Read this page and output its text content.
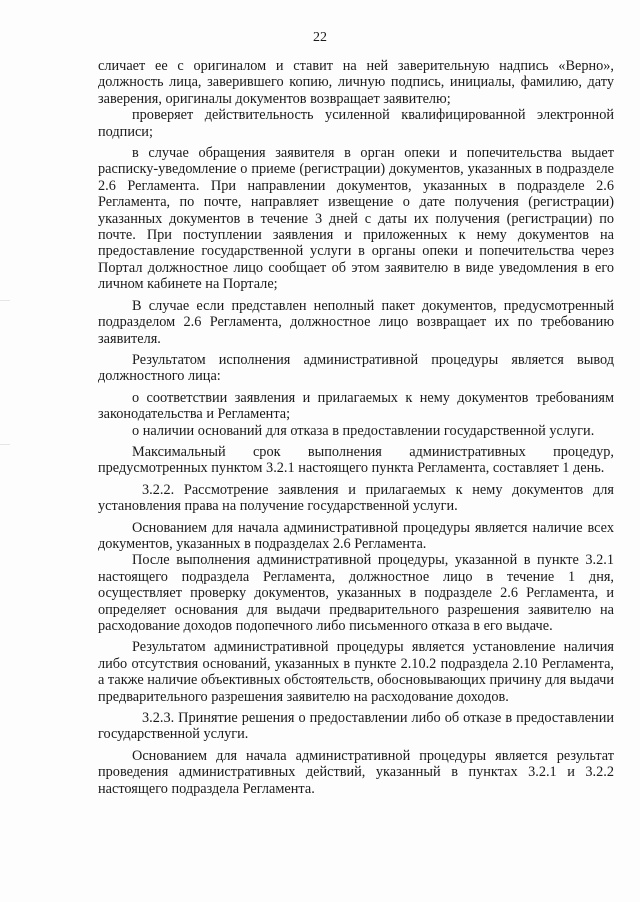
22

сличает ее с оригиналом и ставит на ней заверительную надпись «Верно», должность лица, заверившего копию, личную подпись, инициалы, фамилию, дату заверения, оригиналы документов возвращает заявителю;

проверяет действительность усиленной квалифицированной электронной подписи;

в случае обращения заявителя в орган опеки и попечительства выдает расписку-уведомление о приеме (регистрации) документов, указанных в подразделе 2.6 Регламента. При направлении документов, указанных в подразделе 2.6 Регламента, по почте, направляет извещение о дате получения (регистрации) указанных документов в течение 3 дней с даты их получения (регистрации) по почте. При поступлении заявления и приложенных к нему документов на предоставление государственной услуги в органы опеки и попечительства через Портал должностное лицо сообщает об этом заявителю в виде уведомления в его личном кабинете на Портале;

В случае если представлен неполный пакет документов, предусмотренный подразделом 2.6 Регламента, должностное лицо возвращает их по требованию заявителя.

Результатом исполнения административной процедуры является вывод должностного лица:

о соответствии заявления и прилагаемых к нему документов требованиям законодательства и Регламента;

о наличии оснований для отказа в предоставлении государственной услуги.

Максимальный срок выполнения административных процедур, предусмотренных пунктом 3.2.1 настоящего пункта Регламента, составляет 1 день.

3.2.2. Рассмотрение заявления и прилагаемых к нему документов для установления права на получение государственной услуги.

Основанием для начала административной процедуры является наличие всех документов, указанных в подразделах 2.6 Регламента.

После выполнения административной процедуры, указанной в пункте 3.2.1 настоящего подраздела Регламента, должностное лицо в течение 1 дня, осуществляет проверку документов, указанных в подразделе 2.6 Регламента, и определяет основания для выдачи предварительного разрешения заявителю на расходование доходов подопечного либо письменного отказа в его выдаче.

Результатом административной процедуры является установление наличия либо отсутствия оснований, указанных в пункте 2.10.2 подраздела 2.10 Регламента, а также наличие объективных обстоятельств, обосновывающих причину для выдачи предварительного разрешения заявителю на расходование доходов.

3.2.3. Принятие решения о предоставлении либо об отказе в предоставлении государственной услуги.

Основанием для начала административной процедуры является результат проведения административных действий, указанный в пунктах 3.2.1 и 3.2.2 настоящего подраздела Регламента.
